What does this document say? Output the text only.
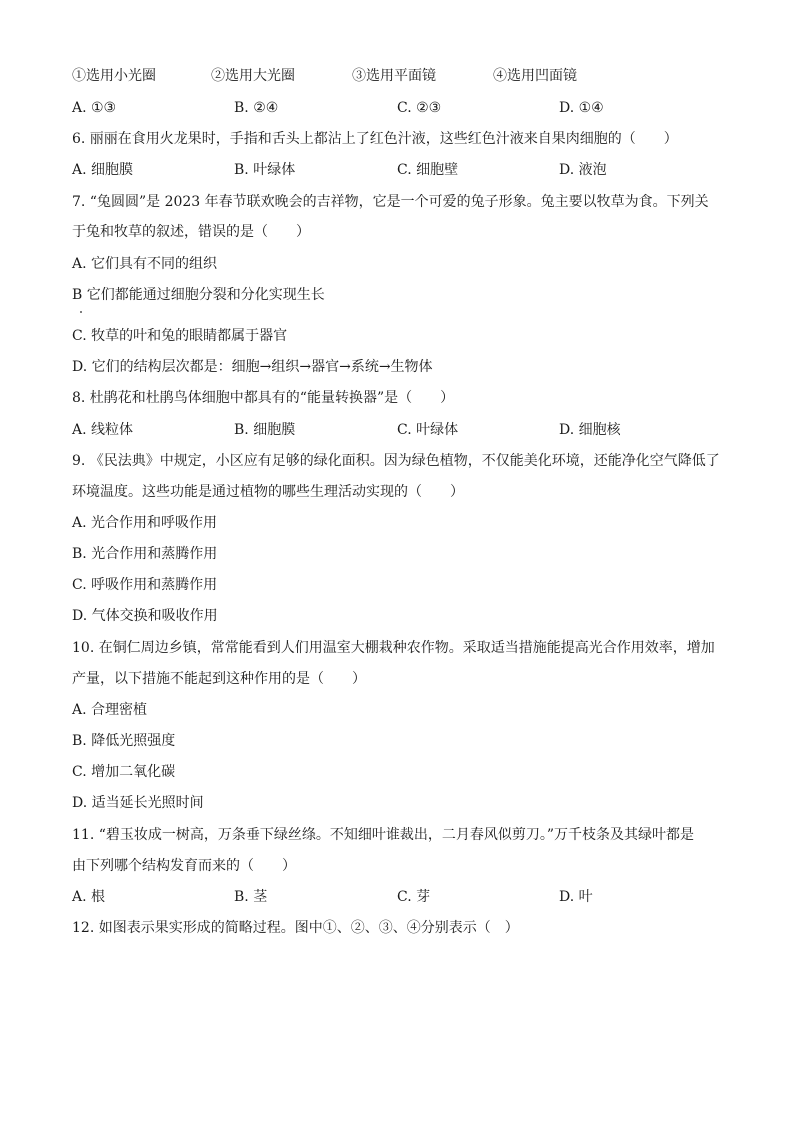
①选用小光圈	②选用大光圈	③选用平面镜	④选用凹面镜
A. ①③	B. ②④	C. ②③	D. ①④
6. 丽丽在食用火龙果时，手指和舌头上都沾上了红色汁液，这些红色汁液来自果肉细胞的（　　）
A. 细胞膜	B. 叶绿体	C. 细胞壁	D. 液泡
7. “兔圆圆”是 2023 年春节联欢晚会的吉祥物，它是一个可爱的兔子形象。兔主要以牧草为食。下列关
于兔和牧草的叙述，错误的是（　　）
A. 它们具有不同的组织
B 它们都能通过细胞分裂和分化实现生长
C. 牧草的叶和兔的眼睛都属于器官
D. 它们的结构层次都是：细胞→组织→器官→系统→生物体
8. 杜鹃花和杜鹃鸟体细胞中都具有的“能量转换器”是（　　）
A. 线粒体	B. 细胞膜	C. 叶绿体	D. 细胞核
9. 《民法典》中规定，小区应有足够的绿化面积。因为绿色植物，不仅能美化环境，还能净化空气降低了
环境温度。这些功能是通过植物的哪些生理活动实现的（　　）
A. 光合作用和呼吸作用
B. 光合作用和蒸腾作用
C. 呼吸作用和蒸腾作用
D. 气体交换和吸收作用
10. 在铜仁周边乡镇，常常能看到人们用温室大棚栽种农作物。采取适当措施能提高光合作用效率，增加
产量，以下措施不能起到这种作用的是（　　）
A. 合理密植
B. 降低光照强度
C. 增加二氧化碳
D. 适当延长光照时间
11. “碧玉妆成一树高，万条垂下绿丝绦。不知细叶谁裁出，二月春风似剪刀。”万千枝条及其绿叶都是
由下列哪个结构发育而来的（　　）
A. 根	B. 茎	C. 芽	D. 叶
12. 如图表示果实形成的简略过程。图中①、②、③、④分别表示（　）
